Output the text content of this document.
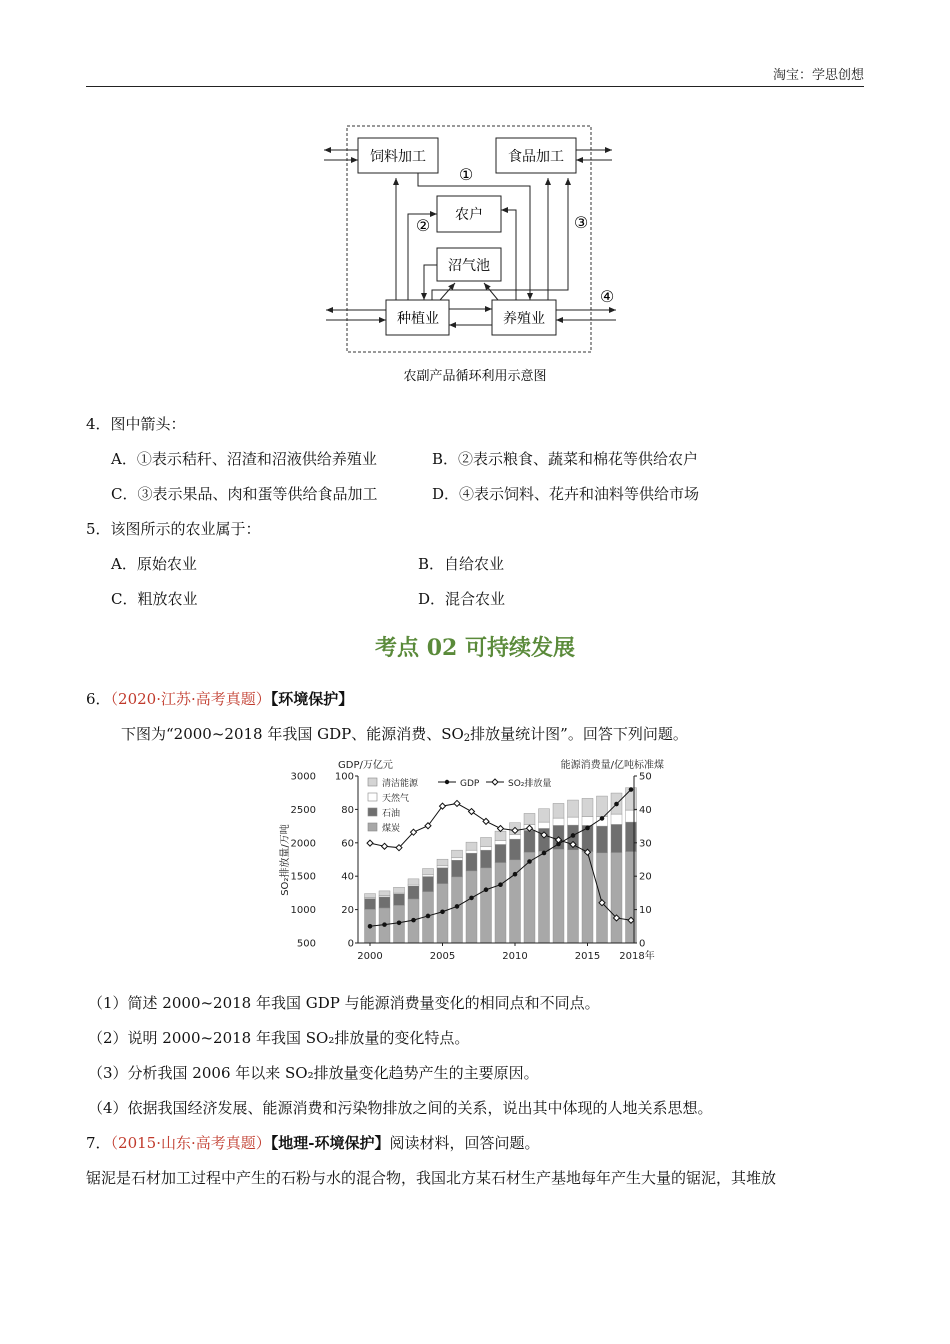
淘宝：学思创想
饲料加工	食品加工
农户
沼气池
种植业	养殖业
①
②	③
④
农副产品循环利用示意图
4．图中箭头：
A．①表示秸秆、沼渣和沼液供给养殖业	B．②表示粮食、蔬菜和棉花等供给农户
C．③表示果品、肉和蛋等供给食品加工	D．④表示饲料、花卉和油料等供给市场
5．该图所示的农业属于：
A．原始农业	B．自给农业
C．粗放农业	D．混合农业
考点 02 可持续发展
6．（2020·江苏·高考真题）【环境保护】
下图为“2000~2018 年我国 GDP、能源消费、$SO_2$排放量统计图”。回答下列问题。
0
20
40
60
80
100
500
1000
1500
2000
2500
3000
0
10
20
30
40
50
2000	2005	2010	2015 2018年
GDP/万亿元	能源消费量/亿吨标准煤
SO₂排放量/万吨
清洁能源
天然气
石油
煤炭
GDP	SO₂排放量
（1）简述 2000~2018 年我国 GDP 与能源消费量变化的相同点和不同点。
（2）说明 2000~2018 年我国 SO₂排放量的变化特点。
（3）分析我国 2006 年以来 SO₂排放量变化趋势产生的主要原因。
（4）依据我国经济发展、能源消费和污染物排放之间的关系，说出其中体现的人地关系思想。
7．（2015·山东·高考真题）【地理-环境保护】阅读材料，回答问题。
锯泥是石材加工过程中产生的石粉与水的混合物，我国北方某石材生产基地每年产生大量的锯泥，其堆放
